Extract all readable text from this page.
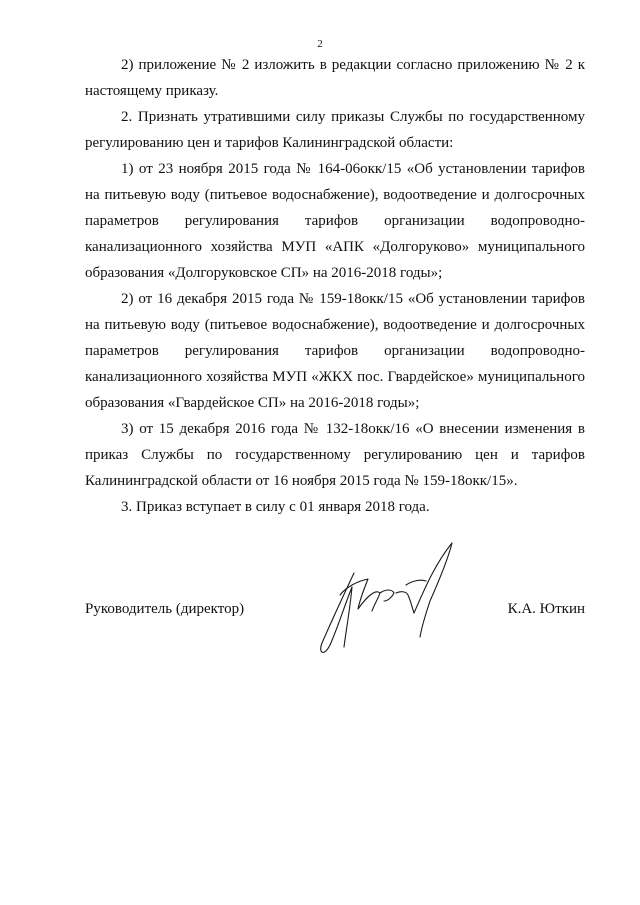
2

2) приложение № 2 изложить в редакции согласно приложению № 2 к настоящему приказу.

2. Признать утратившими силу приказы Службы по государственному регулированию цен и тарифов Калининградской области:

1) от 23 ноября 2015 года № 164-06окк/15 «Об установлении тарифов на питьевую воду (питьевое водоснабжение), водоотведение и долгосрочных параметров регулирования тарифов организации водопроводно-канализационного хозяйства МУП «АПК «Долгоруково» муниципального образования «Долгоруковское СП» на 2016-2018 годы»;

2) от 16 декабря 2015 года № 159-18окк/15 «Об установлении тарифов на питьевую воду (питьевое водоснабжение), водоотведение и долгосрочных параметров регулирования тарифов организации водопроводно-канализационного хозяйства МУП «ЖКХ пос. Гвардейское» муниципального образования «Гвардейское СП» на 2016-2018 годы»;

3) от 15 декабря 2016 года № 132-18окк/16 «О внесении изменения в приказ Службы по государственному регулированию цен и тарифов Калининградской области от 16 ноября 2015 года № 159-18окк/15».

3. Приказ вступает в силу с 01 января 2018 года.

Руководитель (директор)	К.А. Юткин
